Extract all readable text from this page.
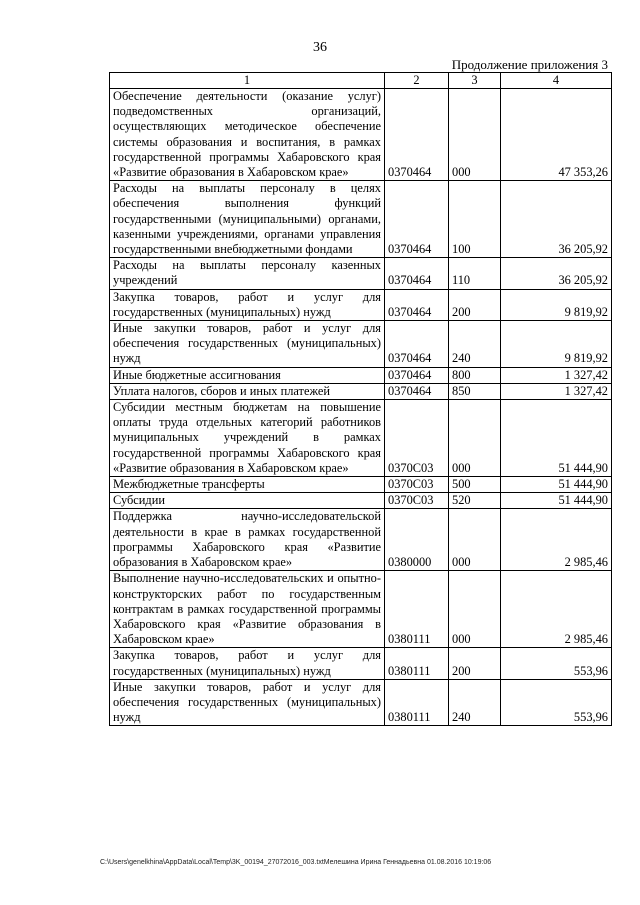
36
Продолжение приложения 3
1	2	3	4
Обеспечение деятельности (оказание услуг) подведомственных организаций, осуществляющих методическое обеспечение системы образования и воспитания, в рамках государственной программы Хабаровского края «Развитие образования в Хабаровском крае»	0370464	000	47 353,26
Расходы на выплаты персоналу в целях обеспечения выполнения функций государственными (муниципальными) органами, казенными учреждениями, органами управления государственными внебюджетными фондами	0370464	100	36 205,92
Расходы на выплаты персоналу казенных учреждений	0370464	110	36 205,92
Закупка товаров, работ и услуг для государственных (муниципальных) нужд	0370464	200	9 819,92
Иные закупки товаров, работ и услуг для обеспечения государственных (муниципальных) нужд	0370464	240	9 819,92
Иные бюджетные ассигнования	0370464	800	1 327,42
Уплата налогов, сборов и иных платежей	0370464	850	1 327,42
Субсидии местным бюджетам на повышение оплаты труда отдельных категорий работников муниципальных учреждений в рамках государственной программы Хабаровского края «Развитие образования в Хабаровском крае»	0370С03	000	51 444,90
Межбюджетные трансферты	0370С03	500	51 444,90
Субсидии	0370С03	520	51 444,90
Поддержка научно-исследовательской деятельности в крае в рамках государственной программы Хабаровского края «Развитие образования в Хабаровском крае»	0380000	000	2 985,46
Выполнение научно-исследовательских и опытно-конструкторских работ по государственным контрактам в рамках государственной программы Хабаровского края «Развитие образования в Хабаровском крае»	0380111	000	2 985,46
Закупка товаров, работ и услуг для государственных (муниципальных) нужд	0380111	200	553,96
Иные закупки товаров, работ и услуг для обеспечения государственных (муниципальных) нужд	0380111	240	553,96
C:\Users\genelkhina\AppData\Local\Temp\3K_00194_27072016_003.txtМелешина Ирина Геннадьевна 01.08.2016 10:19:06
